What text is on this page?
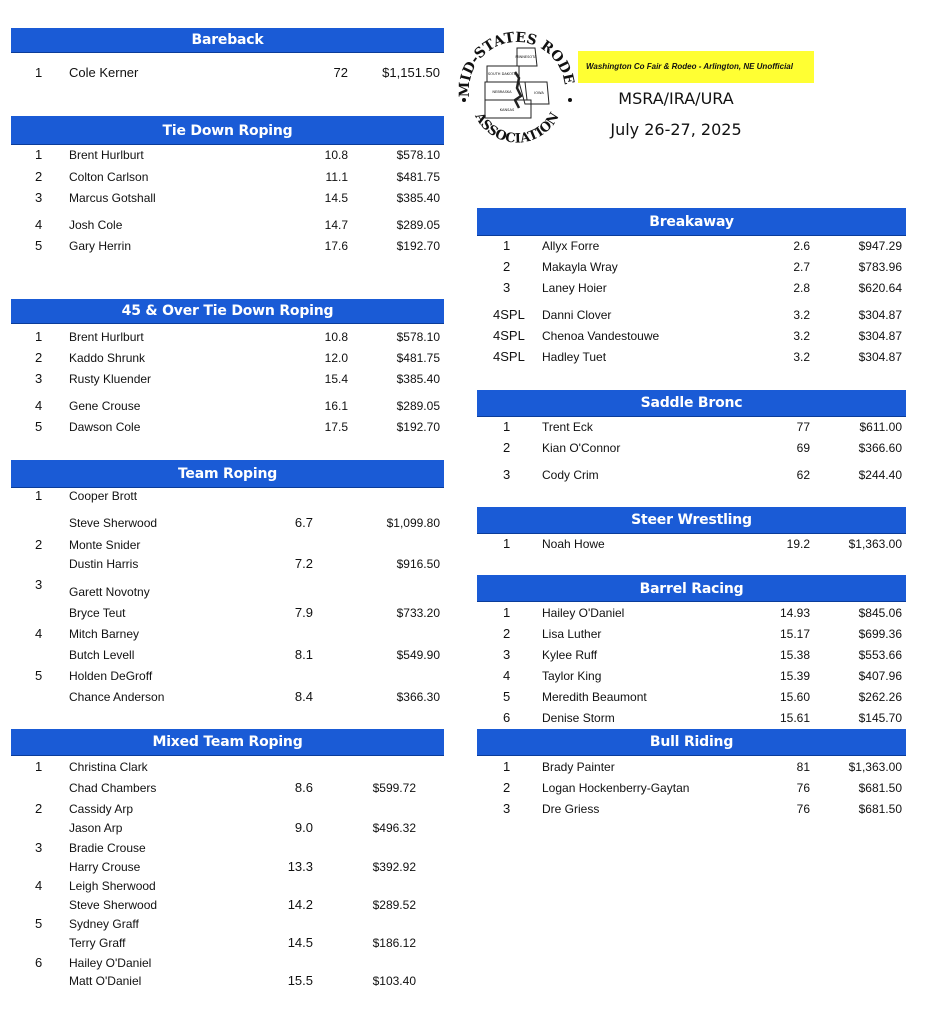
MID-STATES RODE
ASSOCIATION
MINNESOTA
SOUTH DAKOTA
NEBRASKA	IOWA
KANSAS
Washington Co Fair & Rodeo - Arlington, NE Unofficial
MSRA/IRA/URA
July 26-27, 2025
Bareback
1 Cole Kerner	72	$1,151.50
Tie Down Roping
1 Brent Hurlburt	10.8	$578.10
2 Colton Carlson	11.1	$481.75
3 Marcus Gotshall	14.5	$385.40
4 Josh Cole	14.7	$289.05
5 Gary Herrin	17.6	$192.70
45 & Over Tie Down Roping
1 Brent Hurlburt	10.8	$578.10
2 Kaddo Shrunk	12.0	$481.75
3 Rusty Kluender	15.4	$385.40
4 Gene Crouse	16.1	$289.05
5 Dawson Cole	17.5	$192.70
Team Roping
1 Cooper Brott
Steve Sherwood	6.7	$1,099.80
2 Monte Snider
Dustin Harris	7.2	$916.50
3 Garett Novotny
Bryce Teut	7.9	$733.20
4 Mitch Barney
Butch Levell	8.1	$549.90
5 Holden DeGroff
Chance Anderson	8.4	$366.30
Mixed Team Roping
1 Christina Clark
Chad Chambers	8.6	$599.72
2 Cassidy Arp
Jason Arp	9.0	$496.32
3 Bradie Crouse
Harry Crouse	13.3	$392.92
4 Leigh Sherwood
Steve Sherwood	14.2	$289.52
5 Sydney Graff
Terry Graff	14.5	$186.12
6 Hailey O'Daniel
Matt O'Daniel	15.5	$103.40
Breakaway
1	Allyx Forre	2.6	$947.29
2	Makayla Wray	2.7	$783.96
3	Laney Hoier	2.8	$620.64
4SPL Danni Clover	3.2	$304.87
4SPL Chenoa Vandestouwe	3.2	$304.87
4SPL Hadley Tuet	3.2	$304.87
Saddle Bronc
1	Trent Eck	77	$611.00
2	Kian O'Connor	69	$366.60
3	Cody Crim	62	$244.40
Steer Wrestling
1	Noah Howe	19.2	$1,363.00
Barrel Racing
1	Hailey O'Daniel	14.93	$845.06
2	Lisa Luther	15.17	$699.36
3	Kylee Ruff	15.38	$553.66
4	Taylor King	15.39	$407.96
5	Meredith Beaumont	15.60	$262.26
6	Denise Storm	15.61	$145.70
Bull Riding
1	Brady Painter	81	$1,363.00
2	Logan Hockenberry-Gaytan	76	$681.50
3	Dre Griess	76	$681.50
